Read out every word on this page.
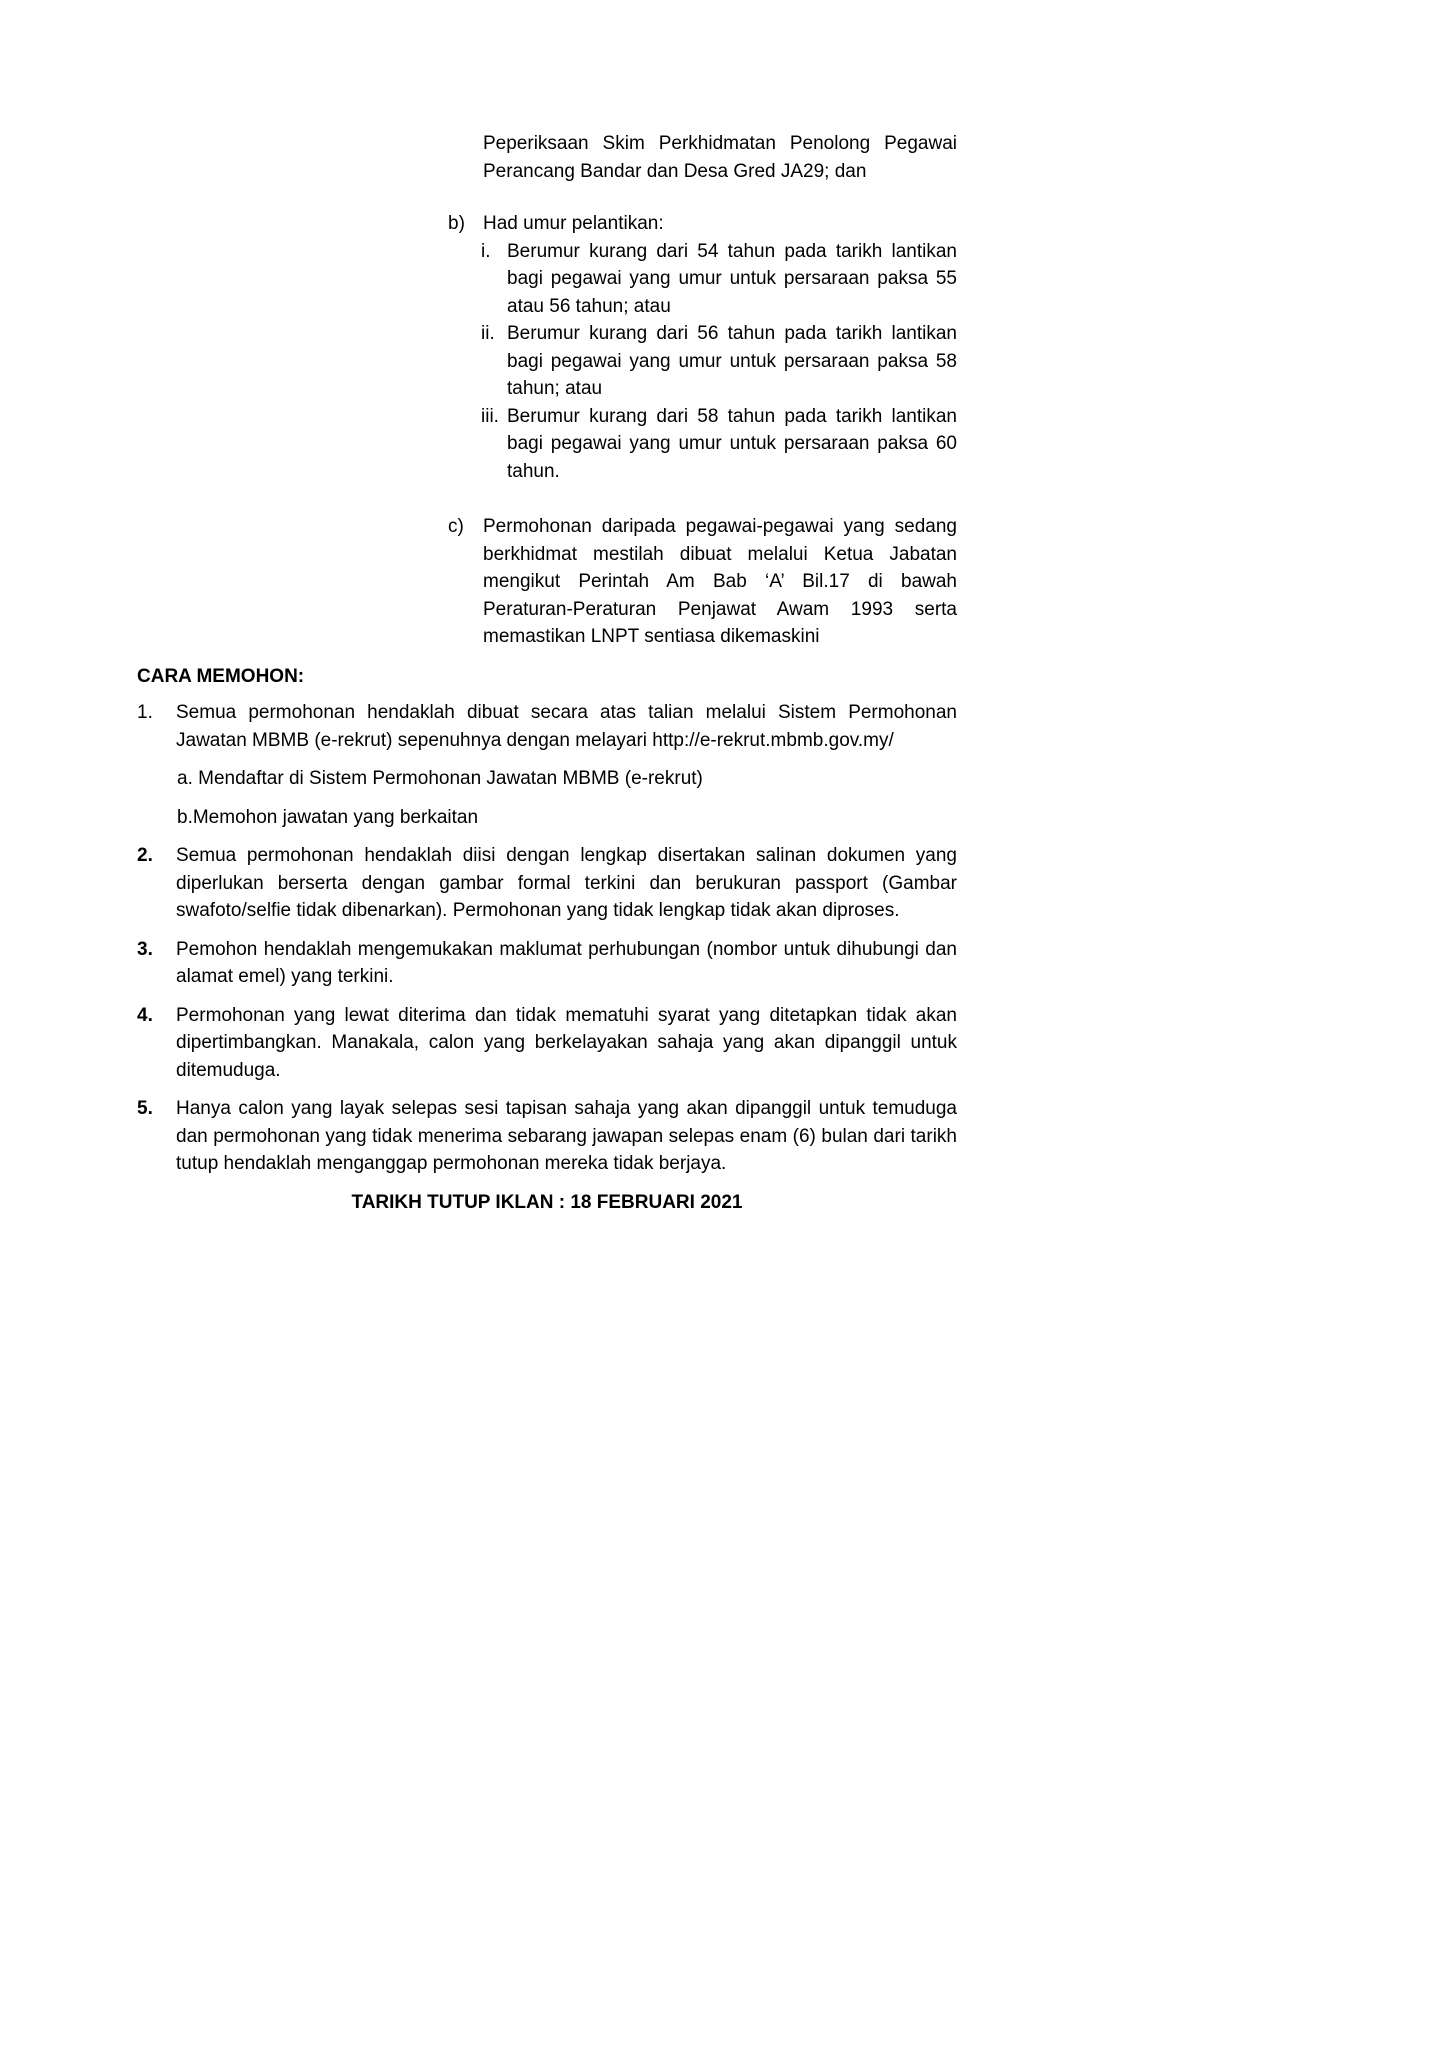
Peperiksaan Skim Perkhidmatan Penolong Pegawai Perancang Bandar dan Desa Gred JA29; dan
b) Had umur pelantikan:
i. Berumur kurang dari 54 tahun pada tarikh lantikan bagi pegawai yang umur untuk persaraan paksa 55 atau 56 tahun; atau
ii. Berumur kurang dari 56 tahun pada tarikh lantikan bagi pegawai yang umur untuk persaraan paksa 58 tahun; atau
iii. Berumur kurang dari 58 tahun pada tarikh lantikan bagi pegawai yang umur untuk persaraan paksa 60 tahun.
c)	Permohonan daripada pegawai-pegawai yang sedang berkhidmat mestilah dibuat melalui Ketua Jabatan mengikut Perintah Am Bab ‘A’ Bil.17 di bawah Peraturan-Peraturan Penjawat Awam 1993 serta memastikan LNPT sentiasa dikemaskini
CARA MEMOHON:
1.	Semua permohonan hendaklah dibuat secara atas talian melalui Sistem Permohonan Jawatan MBMB (e-rekrut) sepenuhnya dengan melayari http://e-rekrut.mbmb.gov.my/
a. Mendaftar di Sistem Permohonan Jawatan MBMB (e-rekrut)
b.Memohon jawatan yang berkaitan
2.	Semua permohonan hendaklah diisi dengan lengkap disertakan salinan dokumen yang diperlukan berserta dengan gambar formal terkini dan berukuran passport (Gambar swafoto/selfie tidak dibenarkan). Permohonan yang tidak lengkap tidak akan diproses.
3.	Pemohon hendaklah mengemukakan maklumat perhubungan (nombor untuk dihubungi dan alamat emel) yang terkini.
4.	Permohonan yang lewat diterima dan tidak mematuhi syarat yang ditetapkan tidak akan dipertimbangkan. Manakala, calon yang berkelayakan sahaja yang akan dipanggil untuk ditemuduga.
5.	Hanya calon yang layak selepas sesi tapisan sahaja yang akan dipanggil untuk temuduga dan permohonan yang tidak menerima sebarang jawapan selepas enam (6) bulan dari tarikh tutup hendaklah menganggap permohonan mereka tidak berjaya.
TARIKH TUTUP IKLAN : 18 FEBRUARI 2021
